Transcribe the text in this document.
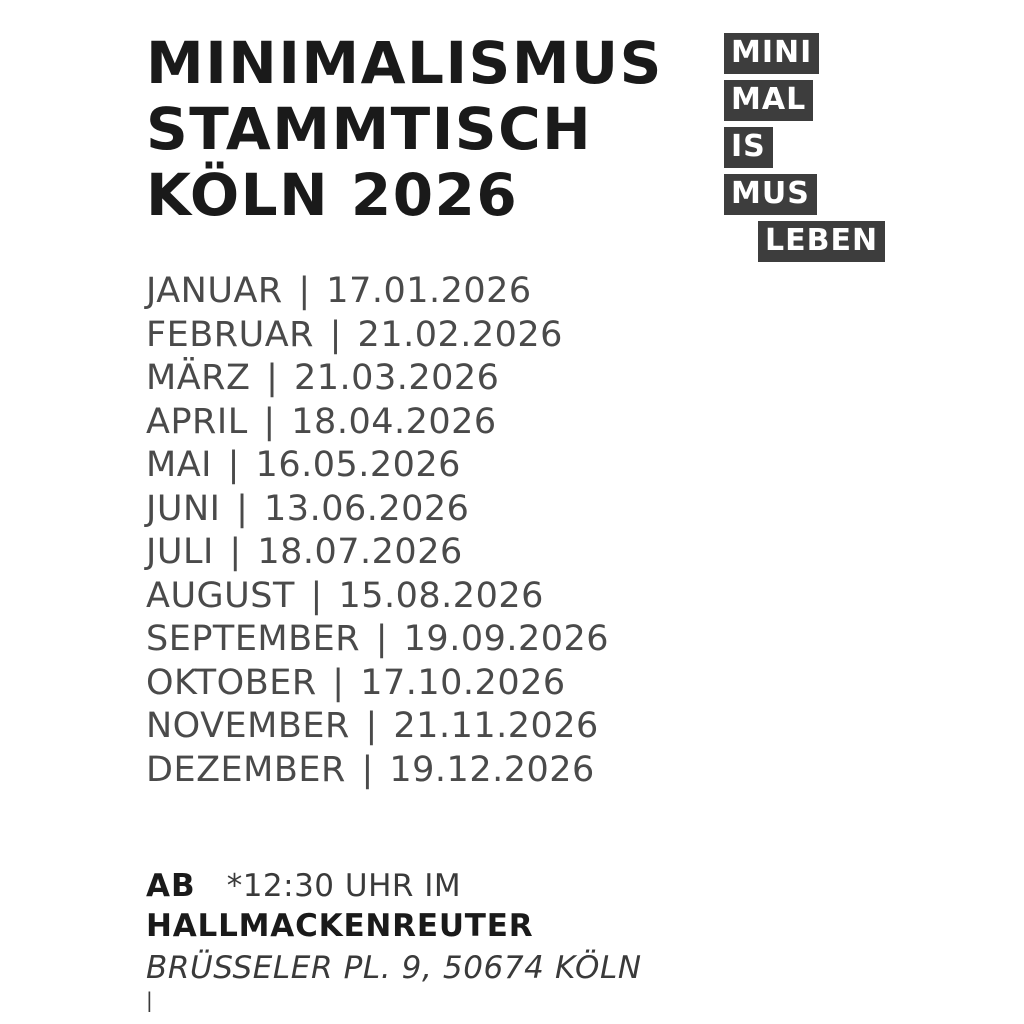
MINIMALISMUS
STAMMTISCH
KÖLN 2026
MINI
MAL
IS
MUS
LEBEN
JANUAR | 17.01.2026
FEBRUAR | 21.02.2026
MÄRZ | 21.03.2026
APRIL | 18.04.2026
MAI | 16.05.2026
JUNI | 13.06.2026
JULI | 18.07.2026
AUGUST | 15.08.2026
SEPTEMBER | 19.09.2026
OKTOBER | 17.10.2026
NOVEMBER | 21.11.2026
DEZEMBER | 19.12.2026
AB *12:30 UHR IM
HALLMACKENREUTER
BRÜSSELER PL. 9, 50674 KÖLN
|
